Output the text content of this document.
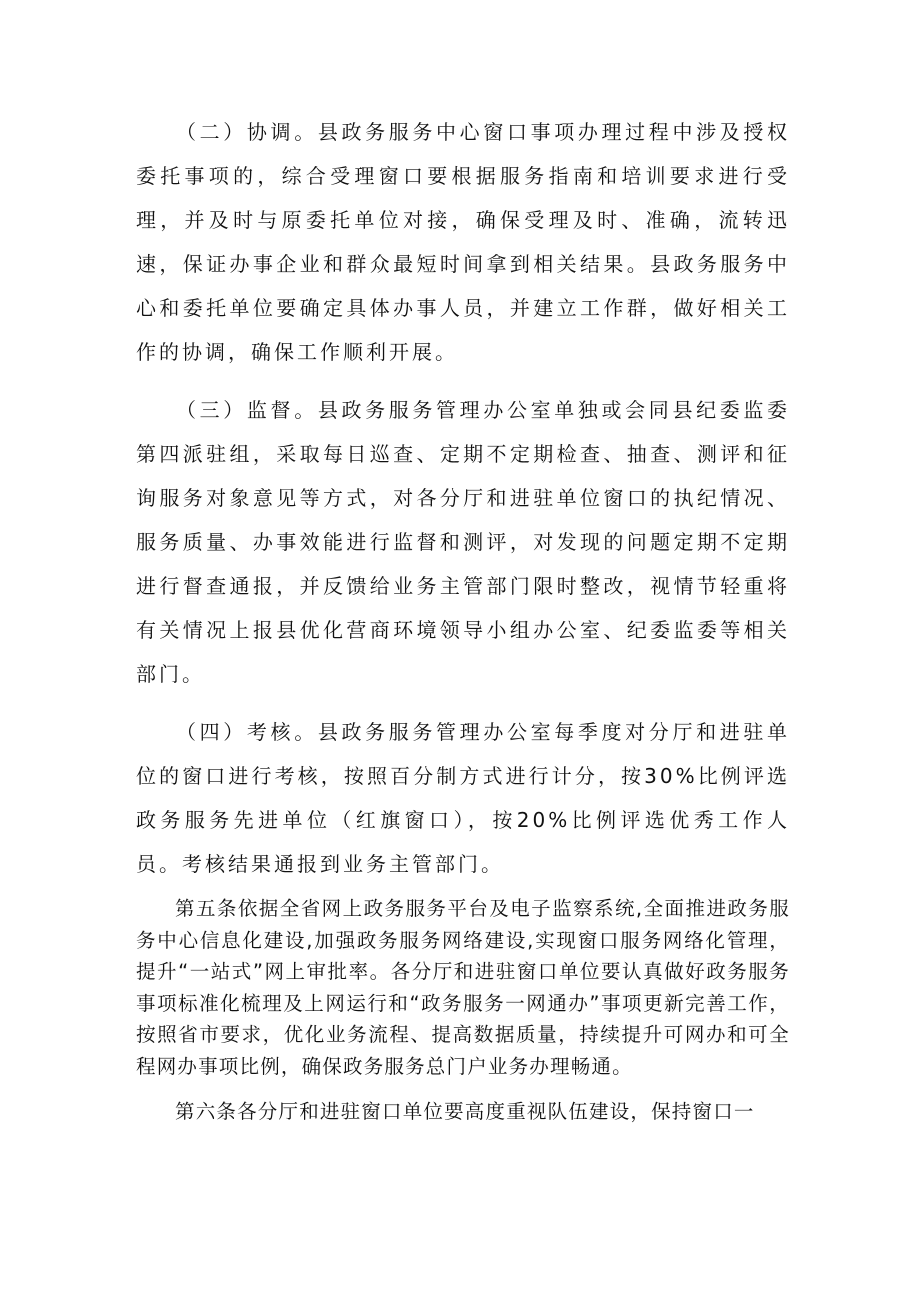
（二）协调。县政务服务中心窗口事项办理过程中涉及授权委托事项的，综合受理窗口要根据服务指南和培训要求进行受理，并及时与原委托单位对接，确保受理及时、准确，流转迅速，保证办事企业和群众最短时间拿到相关结果。县政务服务中心和委托单位要确定具体办事人员，并建立工作群，做好相关工作的协调，确保工作顺利开展。

（三）监督。县政务服务管理办公室单独或会同县纪委监委第四派驻组，采取每日巡查、定期不定期检查、抽查、测评和征询服务对象意见等方式，对各分厅和进驻单位窗口的执纪情况、服务质量、办事效能进行监督和测评，对发现的问题定期不定期进行督查通报，并反馈给业务主管部门限时整改，视情节轻重将有关情况上报县优化营商环境领导小组办公室、纪委监委等相关部门。

（四）考核。县政务服务管理办公室每季度对分厅和进驻单位的窗口进行考核，按照百分制方式进行计分，按30%比例评选政务服务先进单位（红旗窗口），按20%比例评选优秀工作人员。考核结果通报到业务主管部门。

第五条依据全省网上政务服务平台及电子监察系统,全面推进政务服务中心信息化建设,加强政务服务网络建设,实现窗口服务网络化管理，提升“一站式”网上审批率。各分厅和进驻窗口单位要认真做好政务服务事项标准化梳理及上网运行和“政务服务一网通办”事项更新完善工作，按照省市要求，优化业务流程、提高数据质量，持续提升可网办和可全程网办事项比例，确保政务服务总门户业务办理畅通。

第六条各分厅和进驻窗口单位要高度重视队伍建设，保持窗口一
